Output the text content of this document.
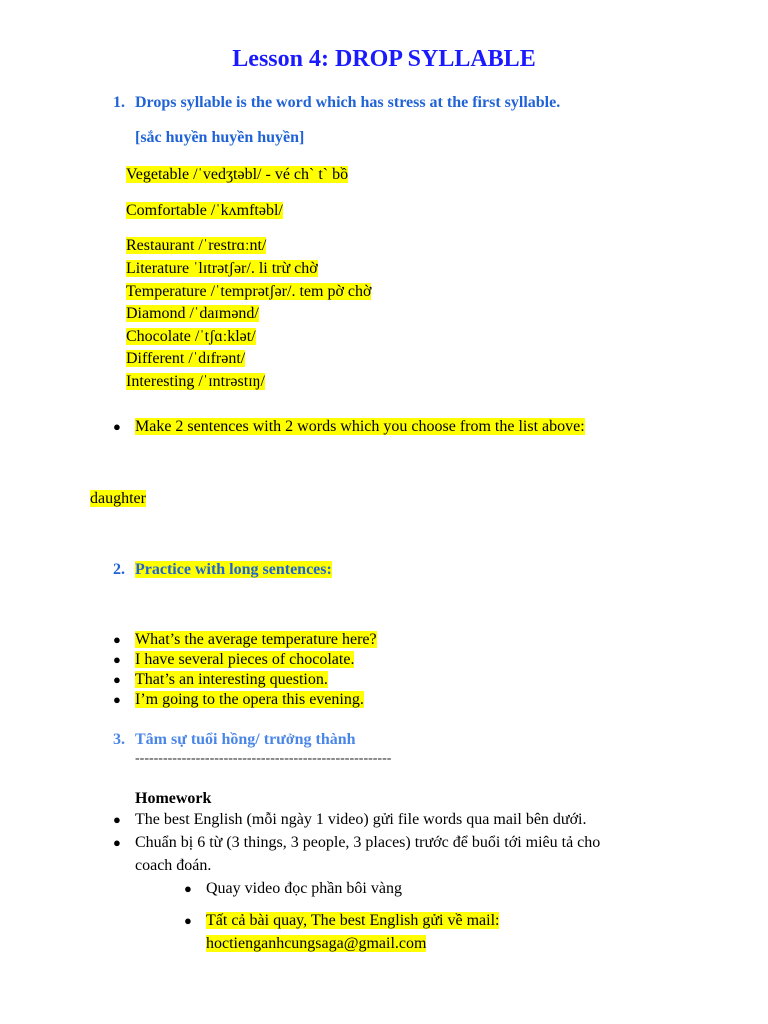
Lesson 4: DROP SYLLABLE
1. Drops syllable is the word which has stress at the first syllable.
[sắc huyền huyền huyền]
Vegetable /ˈvedʒtəbl/ - vé ch` t` bồ
Comfortable /ˈkʌmftəbl/
Restaurant /ˈrestrɑːnt/
Literature ˈlɪtrətʃər/. li trừ chờ
Temperature /ˈtemprətʃər/. tem pờ chờ
Diamond /ˈdaɪmənd/
Chocolate /ˈtʃɑːklət/
Different /ˈdɪfrənt/
Interesting /ˈɪntrəstɪŋ/
● Make 2 sentences with 2 words which you choose from the list above:
daughter
2. Practice with long sentences:
● What’s the average temperature here?
● I have several pieces of chocolate.
● That’s an interesting question.
● I’m going to the opera this evening.
3. Tâm sự tuổi hồng/ trưởng thành
-------------------------------------------------------
Homework
● The best English (mỗi ngày 1 video) gửi file words qua mail bên dưới.
● Chuẩn bị 6 từ (3 things, 3 people, 3 places) trước để buổi tới miêu tả cho
coach đoán.
● Quay video đọc phần bôi vàng
● Tất cả bài quay, The best English gửi về mail:
hoctienganhcungsaga@gmail.com
